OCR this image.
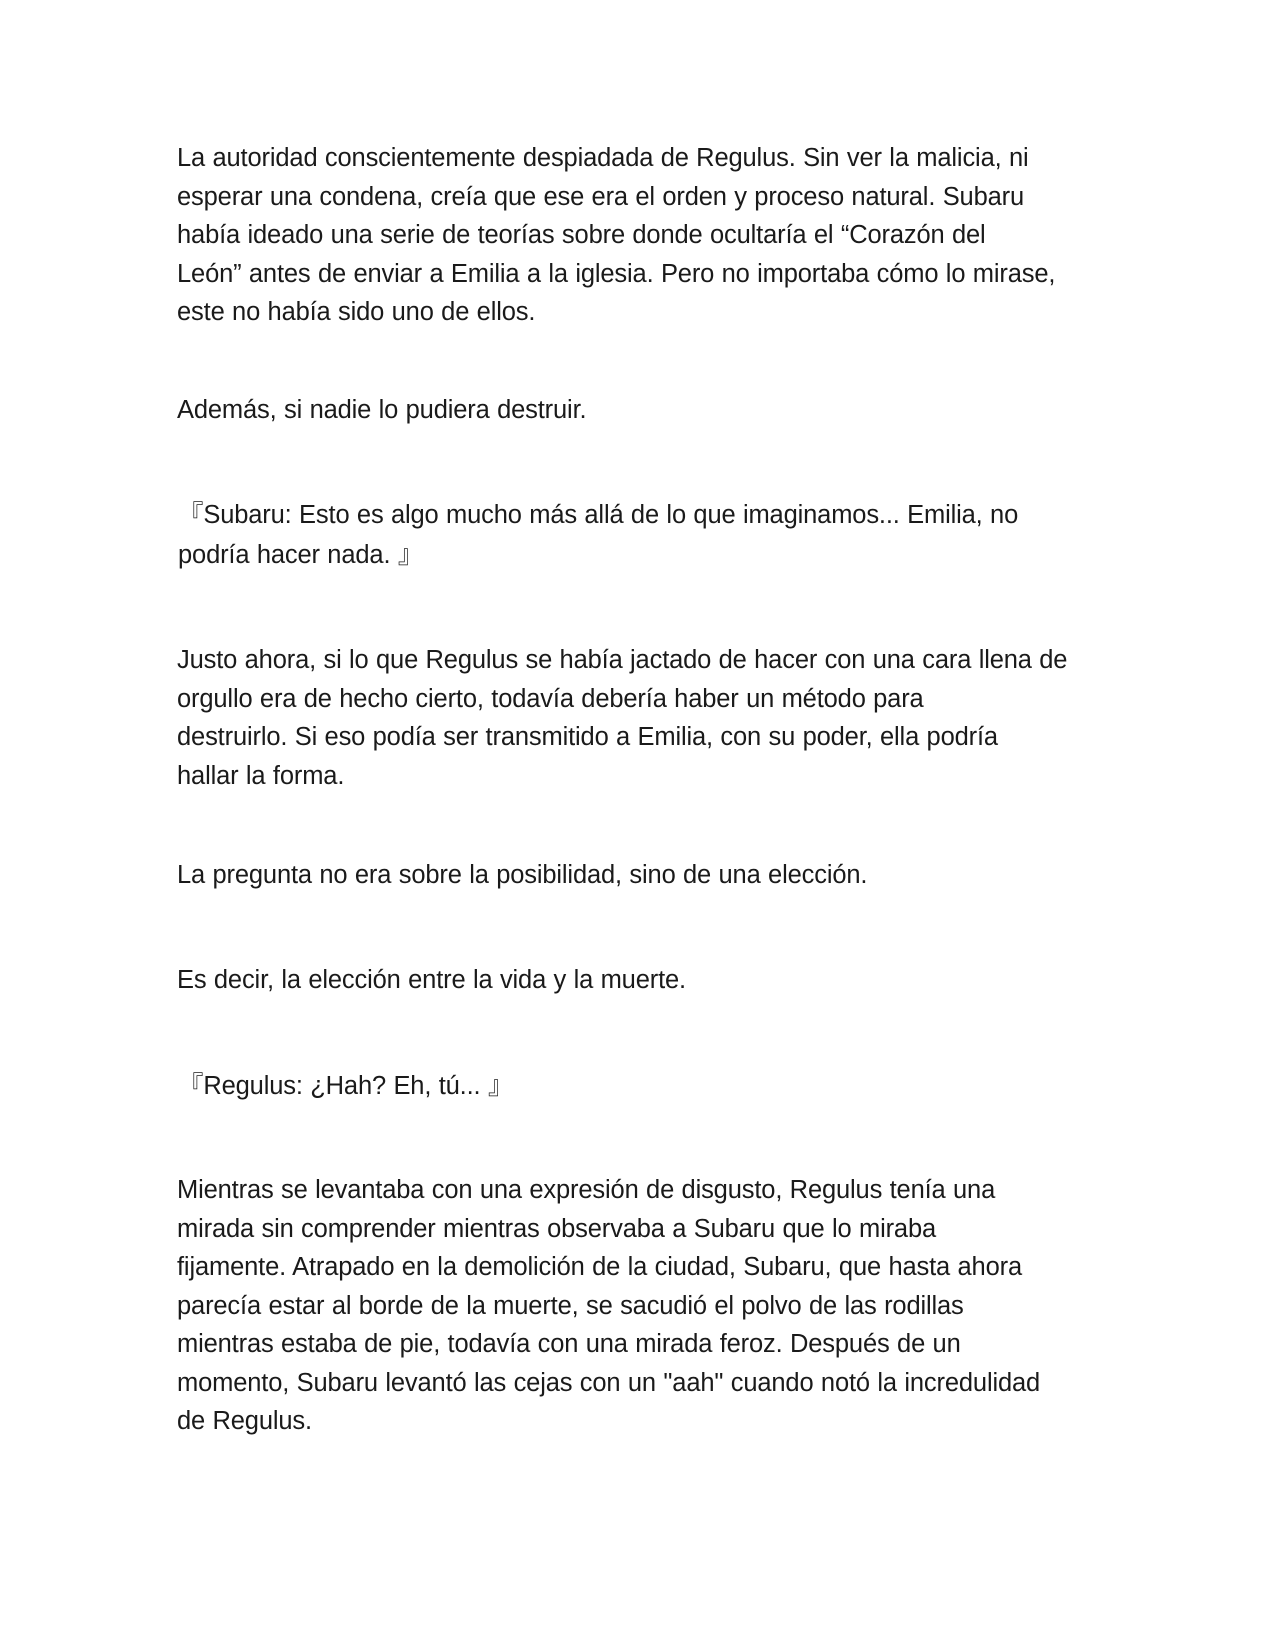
La autoridad conscientemente despiadada de Regulus. Sin ver la malicia, ni
esperar una condena, creía que ese era el orden y proceso natural. Subaru
había ideado una serie de teorías sobre donde ocultaría el “Corazón del
León” antes de enviar a Emilia a la iglesia. Pero no importaba cómo lo mirase,
este no había sido uno de ellos.

Además, si nadie lo pudiera destruir.

『Subaru: Esto es algo mucho más allá de lo que imaginamos... Emilia, no
podría hacer nada. 』

Justo ahora, si lo que Regulus se había jactado de hacer con una cara llena de
orgullo era de hecho cierto, todavía debería haber un método para
destruirlo. Si eso podía ser transmitido a Emilia, con su poder, ella podría
hallar la forma.

La pregunta no era sobre la posibilidad, sino de una elección.

Es decir, la elección entre la vida y la muerte.

『Regulus: ¿Hah? Eh, tú... 』

Mientras se levantaba con una expresión de disgusto, Regulus tenía una
mirada sin comprender mientras observaba a Subaru que lo miraba
fijamente. Atrapado en la demolición de la ciudad, Subaru, que hasta ahora
parecía estar al borde de la muerte, se sacudió el polvo de las rodillas
mientras estaba de pie, todavía con una mirada feroz. Después de un
momento, Subaru levantó las cejas con un "aah" cuando notó la incredulidad
de Regulus.
